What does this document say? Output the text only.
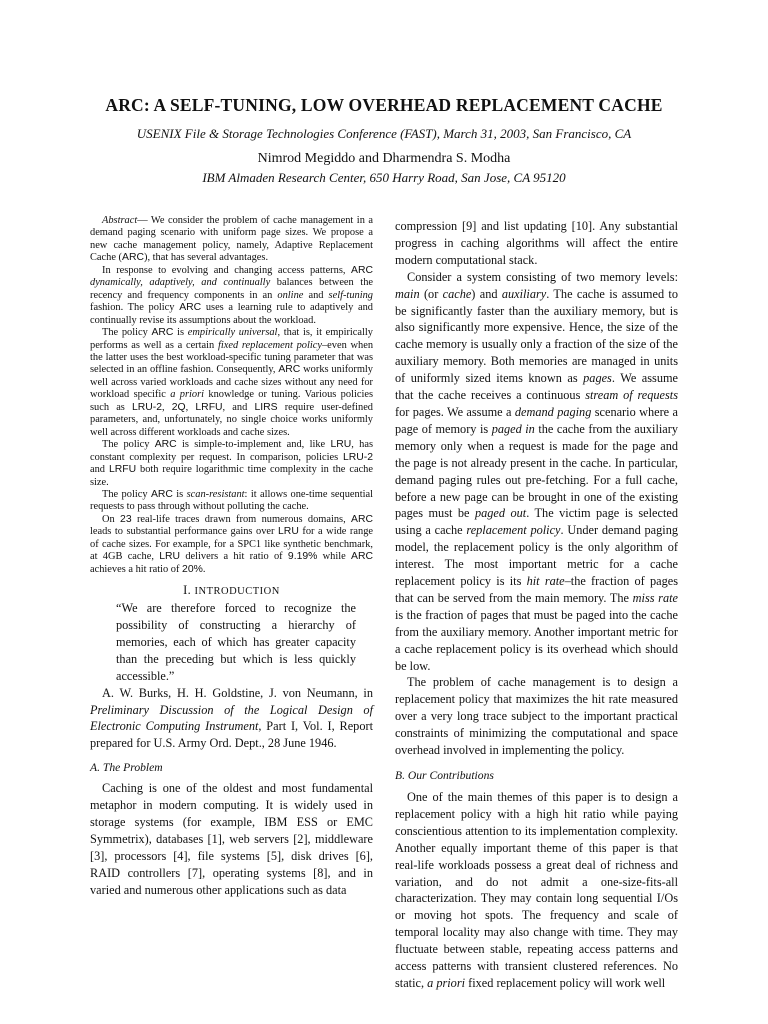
ARC: A SELF-TUNING, LOW OVERHEAD REPLACEMENT CACHE
USENIX File & Storage Technologies Conference (FAST), March 31, 2003, San Francisco, CA
Nimrod Megiddo and Dharmendra S. Modha
IBM Almaden Research Center, 650 Harry Road, San Jose, CA 95120

Abstract— We consider the problem of cache management in a demand paging scenario with uniform page sizes. We propose a new cache management policy, namely, Adaptive Replacement Cache (ARC), that has several advantages.

In response to evolving and changing access patterns, ARC dynamically, adaptively, and continually balances between the recency and frequency components in an online and self-tuning fashion. The policy ARC uses a learning rule to adaptively and continually revise its assumptions about the workload.

The policy ARC is empirically universal, that is, it empirically performs as well as a certain fixed replacement policy–even when the latter uses the best workload-specific tuning parameter that was selected in an offline fashion. Consequently, ARC works uniformly well across varied workloads and cache sizes without any need for workload specific a priori knowledge or tuning. Various policies such as LRU-2, 2Q, LRFU, and LIRS require user-defined parameters, and, unfortunately, no single choice works uniformly well across different workloads and cache sizes.

The policy ARC is simple-to-implement and, like LRU, has constant complexity per request. In comparison, policies LRU-2 and LRFU both require logarithmic time complexity in the cache size.

The policy ARC is scan-resistant: it allows one-time sequential requests to pass through without polluting the cache.

On 23 real-life traces drawn from numerous domains, ARC leads to substantial performance gains over LRU for a wide range of cache sizes. For example, for a SPC1 like synthetic benchmark, at 4GB cache, LRU delivers a hit ratio of 9.19% while ARC achieves a hit ratio of 20%.

I. INTRODUCTION
“We are therefore forced to recognize the possibility of constructing a hierarchy of memories, each of which has greater capacity than the preceding but which is less quickly accessible.”

A. W. Burks, H. H. Goldstine, J. von Neumann, in Preliminary Discussion of the Logical Design of Electronic Computing Instrument, Part I, Vol. I, Report prepared for U.S. Army Ord. Dept., 28 June 1946.

A. The Problem

Caching is one of the oldest and most fundamental metaphor in modern computing. It is widely used in storage systems (for example, IBM ESS or EMC Symmetrix), databases [1], web servers [2], middleware [3], processors [4], file systems [5], disk drives [6], RAID controllers [7], operating systems [8], and in varied and numerous other applications such as data

compression [9] and list updating [10]. Any substantial progress in caching algorithms will affect the entire modern computational stack.

Consider a system consisting of two memory levels: main (or cache) and auxiliary. The cache is assumed to be significantly faster than the auxiliary memory, but is also significantly more expensive. Hence, the size of the cache memory is usually only a fraction of the size of the auxiliary memory. Both memories are managed in units of uniformly sized items known as pages. We assume that the cache receives a continuous stream of requests for pages. We assume a demand paging scenario where a page of memory is paged in the cache from the auxiliary memory only when a request is made for the page and the page is not already present in the cache. In particular, demand paging rules out pre-fetching. For a full cache, before a new page can be brought in one of the existing pages must be paged out. The victim page is selected using a cache replacement policy. Under demand paging model, the replacement policy is the only algorithm of interest. The most important metric for a cache replacement policy is its hit rate–the fraction of pages that can be served from the main memory. The miss rate is the fraction of pages that must be paged into the cache from the auxiliary memory. Another important metric for a cache replacement policy is its overhead which should be low.

The problem of cache management is to design a replacement policy that maximizes the hit rate measured over a very long trace subject to the important practical constraints of minimizing the computational and space overhead involved in implementing the policy.

B. Our Contributions

One of the main themes of this paper is to design a replacement policy with a high hit ratio while paying conscientious attention to its implementation complexity. Another equally important theme of this paper is that real-life workloads possess a great deal of richness and variation, and do not admit a one-size-fits-all characterization. They may contain long sequential I/Os or moving hot spots. The frequency and scale of temporal locality may also change with time. They may fluctuate between stable, repeating access patterns and access patterns with transient clustered references. No static, a priori fixed replacement policy will work well
